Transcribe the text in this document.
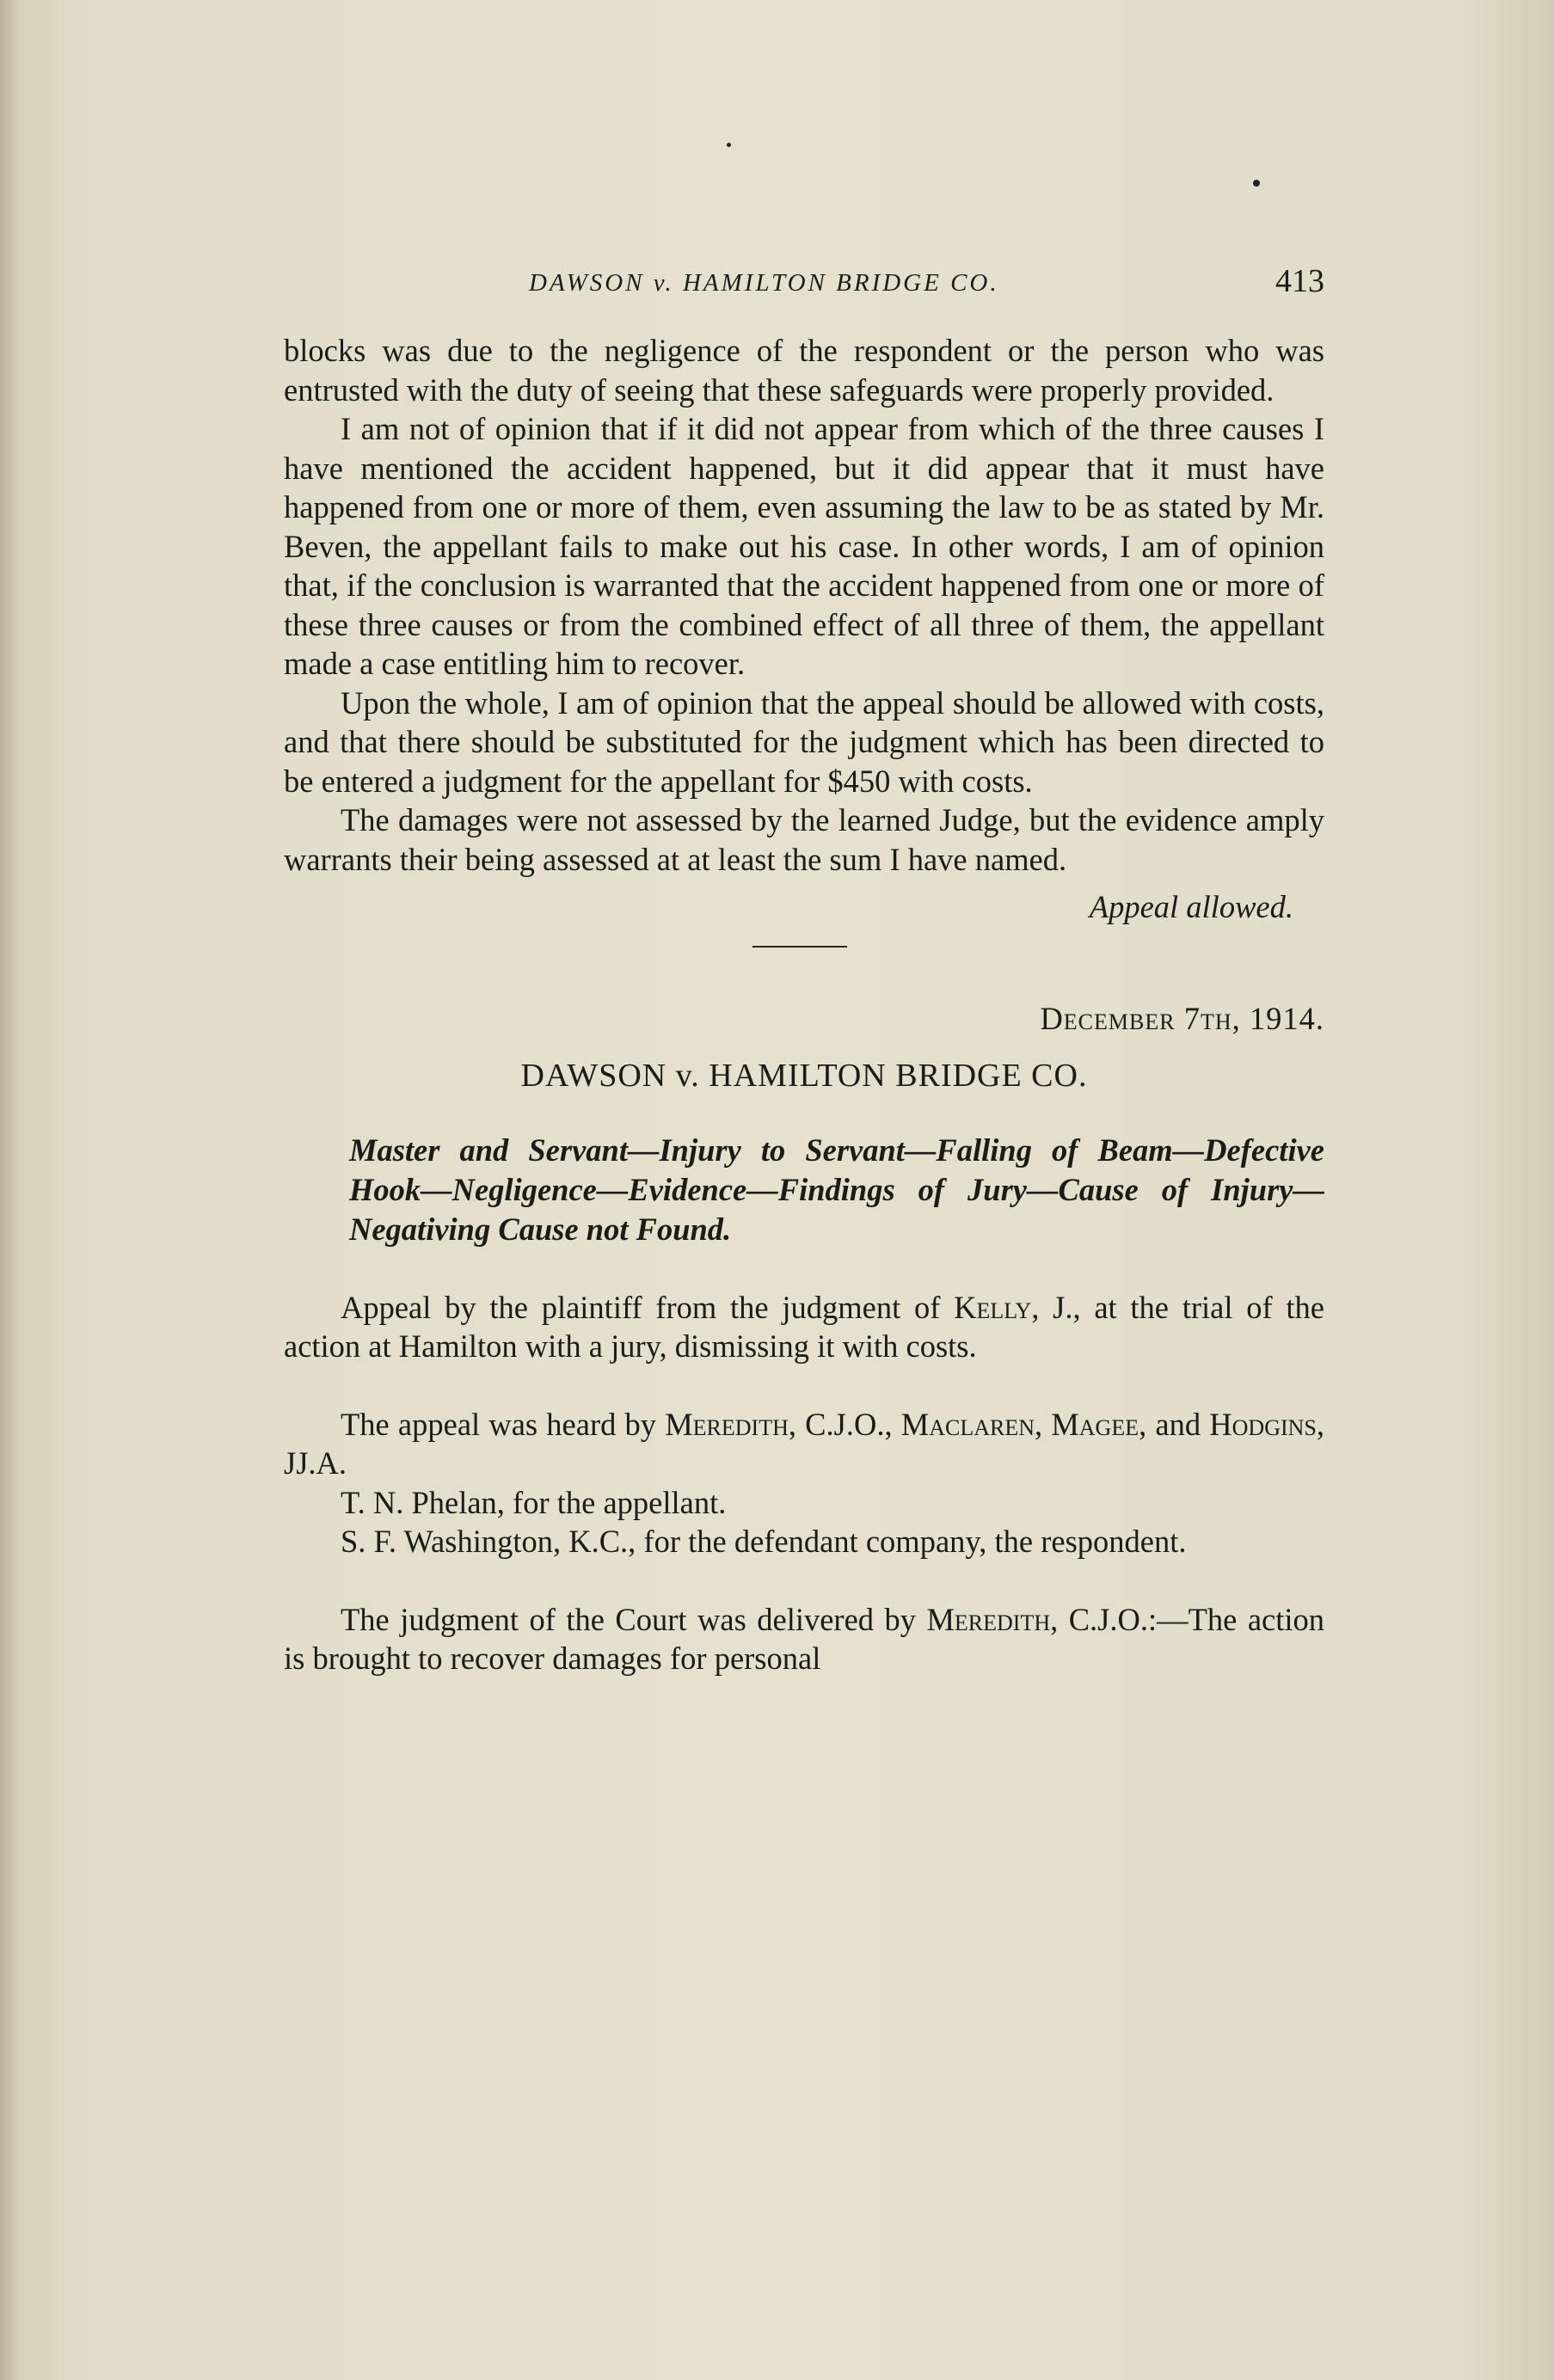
DAWSON v. HAMILTON BRIDGE CO.	413

blocks was due to the negligence of the respondent or the person who was entrusted with the duty of seeing that these safeguards were properly provided.

I am not of opinion that if it did not appear from which of the three causes I have mentioned the accident happened, but it did appear that it must have happened from one or more of them, even assuming the law to be as stated by Mr. Beven, the appellant fails to make out his case. In other words, I am of opinion that, if the conclusion is warranted that the accident happened from one or more of these three causes or from the combined effect of all three of them, the appellant made a case entitling him to recover.

Upon the whole, I am of opinion that the appeal should be allowed with costs, and that there should be substituted for the judgment which has been directed to be entered a judgment for the appellant for $450 with costs.

The damages were not assessed by the learned Judge, but the evidence amply warrants their being assessed at at least the sum I have named.

Appeal allowed.

December 7th, 1914.

DAWSON v. HAMILTON BRIDGE CO.

Master and Servant—Injury to Servant—Falling of Beam—Defective Hook—Negligence—Evidence—Findings of Jury—Cause of Injury—Negativing Cause not Found.

Appeal by the plaintiff from the judgment of Kelly, J., at the trial of the action at Hamilton with a jury, dismissing it with costs.

The appeal was heard by Meredith, C.J.O., Maclaren, Magee, and Hodgins, JJ.A.

T. N. Phelan, for the appellant.

S. F. Washington, K.C., for the defendant company, the respondent.

The judgment of the Court was delivered by Meredith, C.J.O.:—The action is brought to recover damages for personal
